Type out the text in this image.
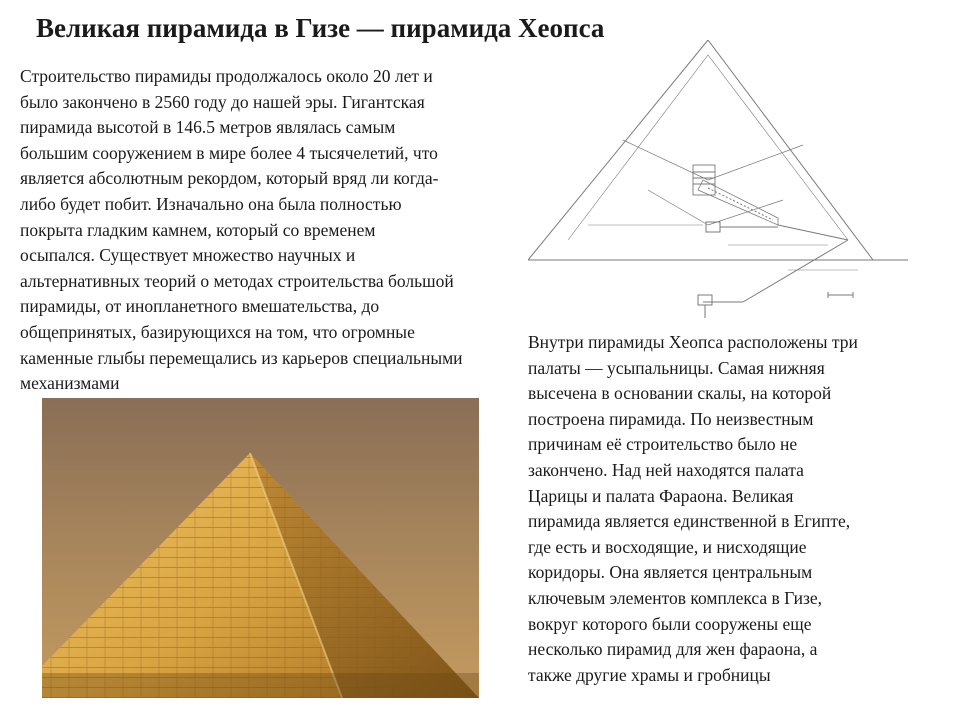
Великая пирамида в Гизе — пирамида Хеопса

Строительство пирамиды продолжалось около 20 лет и
было закончено в 2560 году до нашей эры. Гигантская
пирамида высотой в 146.5 метров являлась самым
большим сооружением в мире более 4 тысячелетий, что
является абсолютным рекордом, который вряд ли когда-
либо будет побит. Изначально она была полностью
покрыта гладким камнем, который со временем
осыпался. Существует множество научных и
альтернативных теорий о методах строительства большой
пирамиды, от инопланетного вмешательства, до
общепринятых, базирующихся на том, что огромные
каменные глыбы перемещались из карьеров специальными
механизмами

Внутри пирамиды Хеопса расположены три
палаты — усыпальницы. Самая нижняя
высечена в основании скалы, на которой
построена пирамида. По неизвестным
причинам её строительство было не
закончено. Над ней находятся палата
Царицы и палата Фараона. Великая
пирамида является единственной в Египте,
где есть и восходящие, и нисходящие
коридоры. Она является центральным
ключевым элементов комплекса в Гизе,
вокруг которого были сооружены еще
несколько пирамид для жен фараона, а
также другие храмы и гробницы
